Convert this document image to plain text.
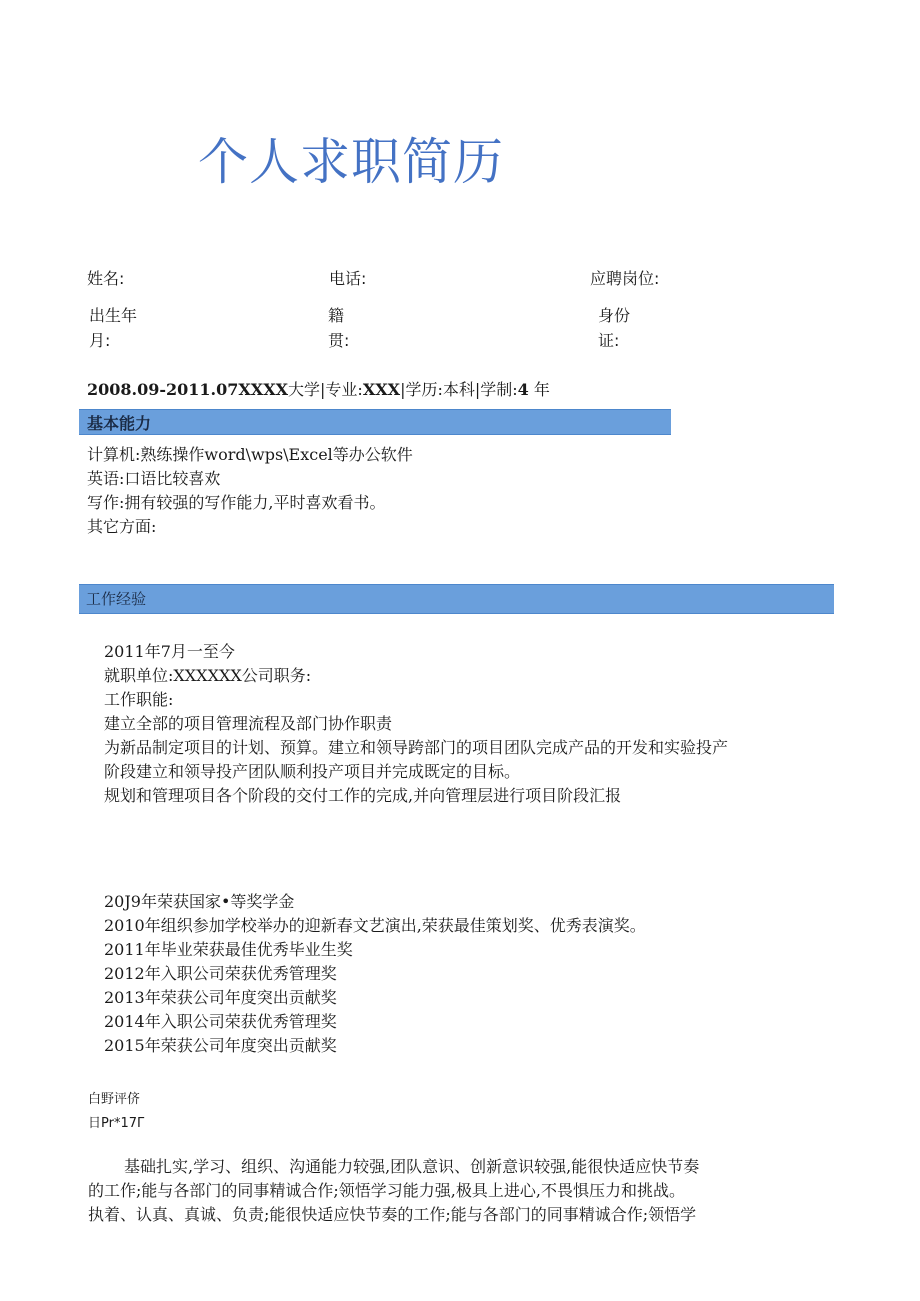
个人求职简历
姓名:	电话:	应聘岗位:
出生年
月:
籍
贯:
身份
证:
2008.09-2011.07XXXX大学|专业:XXX|学历:本科|学制:4 年
基本能力
计算机:熟练操作word\wps\Excel等办公软件
英语:口语比较喜欢
写作:拥有较强的写作能力,平时喜欢看书。
其它方面:
工作经验
2011年7月一至今
就职单位:XXXXXX公司职务:
工作职能:
建立全部的项目管理流程及部门协作职责
为新品制定项目的计划、预算。建立和领导跨部门的项目团队完成产品的开发和实验投产
阶段建立和领导投产团队顺利投产项目并完成既定的目标。
规划和管理项目各个阶段的交付工作的完成,并向管理层进行项目阶段汇报
20J9年荣获国家•等奖学金
2010年组织参加学校举办的迎新春文艺演出,荣获最佳策划奖、优秀表演奖。
2011年毕业荣获最佳优秀毕业生奖
2012年入职公司荣获优秀管理奖
2013年荣获公司年度突出贡献奖
2014年入职公司荣获优秀管理奖
2015年荣获公司年度突出贡献奖
白野评侪
日Pr*17Γ
基础扎实,学习、组织、沟通能力较强,团队意识、创新意识较强,能很快适应快节奏
的工作;能与各部门的同事精诚合作;领悟学习能力强,极具上进心,不畏惧压力和挑战。
执着、认真、真诚、负责;能很快适应快节奏的工作;能与各部门的同事精诚合作;领悟学
